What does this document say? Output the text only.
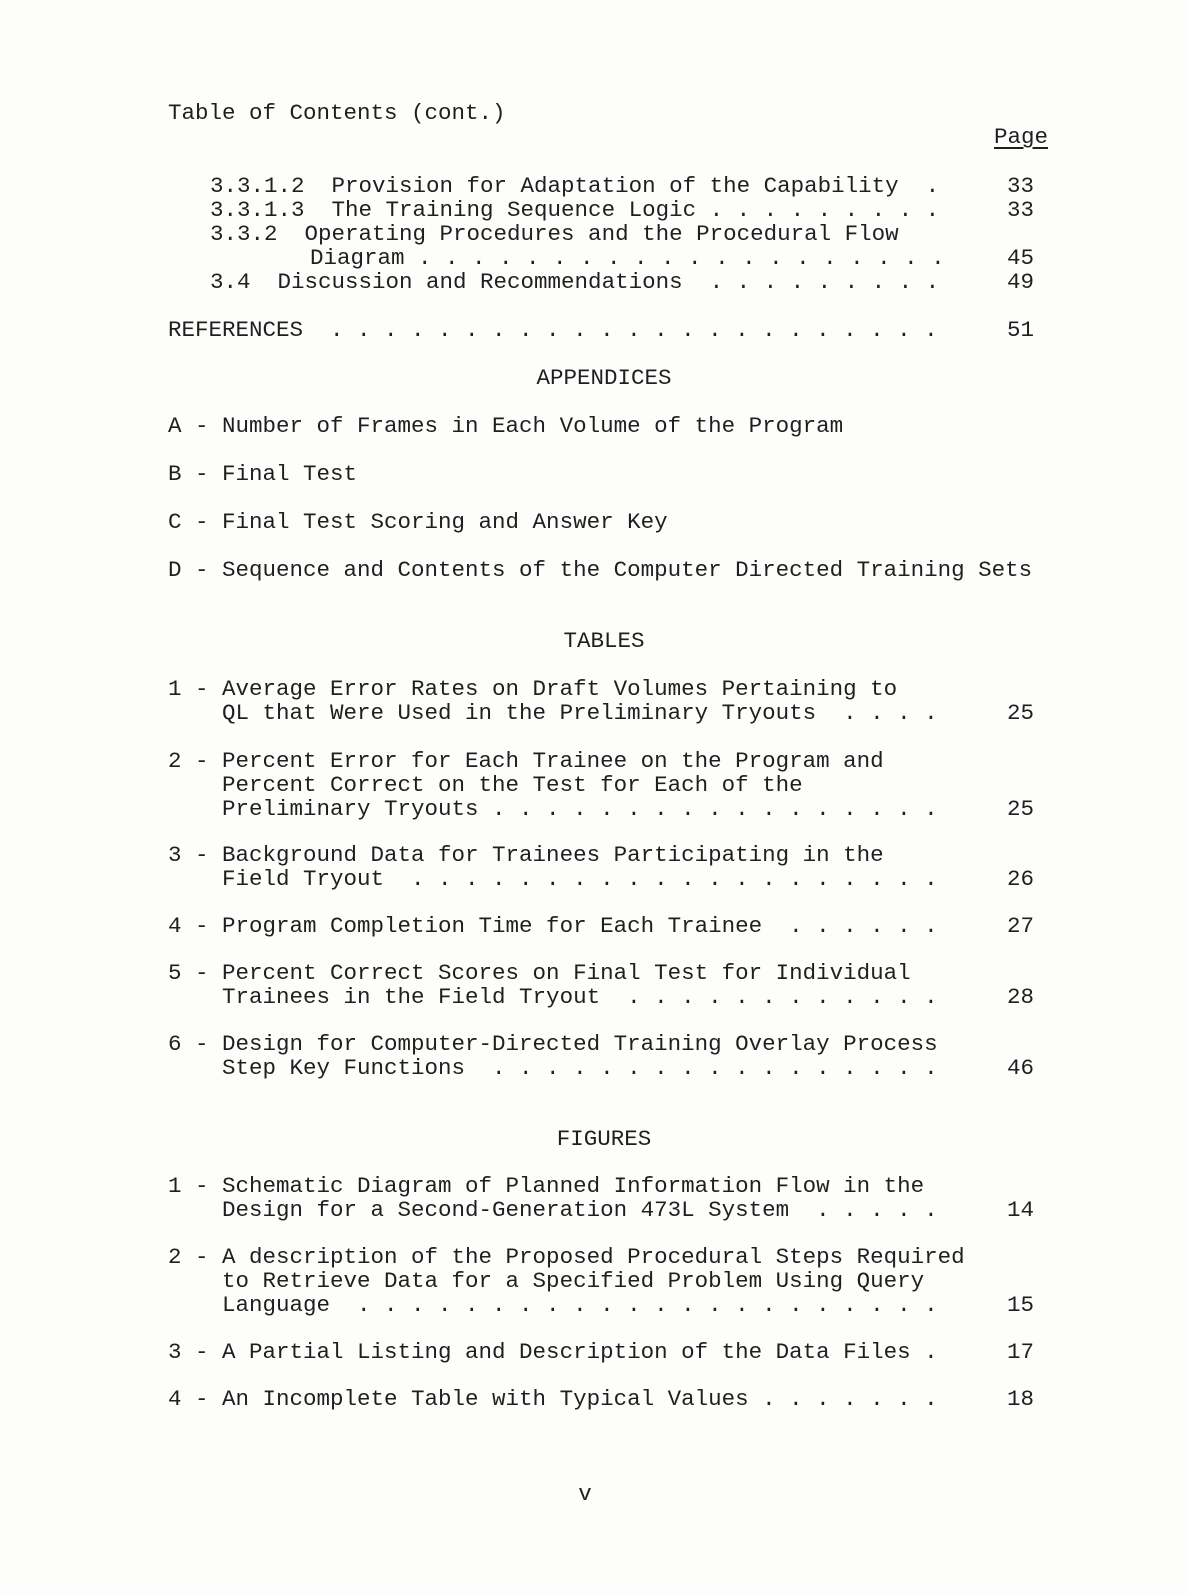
Table of Contents (cont.)
Page
3.3.1.2  Provision for Adaptation of the Capability  .	33
3.3.1.3  The Training Sequence Logic . . . . . . . . .	33
3.3.2  Operating Procedures and the Procedural Flow
Diagram . . . . . . . . . . . . . . . . . . . .	45
3.4  Discussion and Recommendations  . . . . . . . . .	49
REFERENCES  . . . . . . . . . . . . . . . . . . . . . . .	51
APPENDICES
A - Number of Frames in Each Volume of the Program
B - Final Test
C - Final Test Scoring and Answer Key
D - Sequence and Contents of the Computer Directed Training Sets
TABLES
1 - Average Error Rates on Draft Volumes Pertaining to
QL that Were Used in the Preliminary Tryouts  . . . .	25
2 - Percent Error for Each Trainee on the Program and
Percent Correct on the Test for Each of the
Preliminary Tryouts . . . . . . . . . . . . . . . . .	25
3 - Background Data for Trainees Participating in the
Field Tryout  . . . . . . . . . . . . . . . . . . . .	26
4 - Program Completion Time for Each Trainee  . . . . . .	27
5 - Percent Correct Scores on Final Test for Individual
Trainees in the Field Tryout  . . . . . . . . . . . .	28
6 - Design for Computer-Directed Training Overlay Process
Step Key Functions  . . . . . . . . . . . . . . . . .	46
FIGURES
1 - Schematic Diagram of Planned Information Flow in the
Design for a Second-Generation 473L System  . . . . .	14
2 - A description of the Proposed Procedural Steps Required
to Retrieve Data for a Specified Problem Using Query
Language  . . . . . . . . . . . . . . . . . . . . . .	15
3 - A Partial Listing and Description of the Data Files .	17
4 - An Incomplete Table with Typical Values . . . . . . .	18
v
